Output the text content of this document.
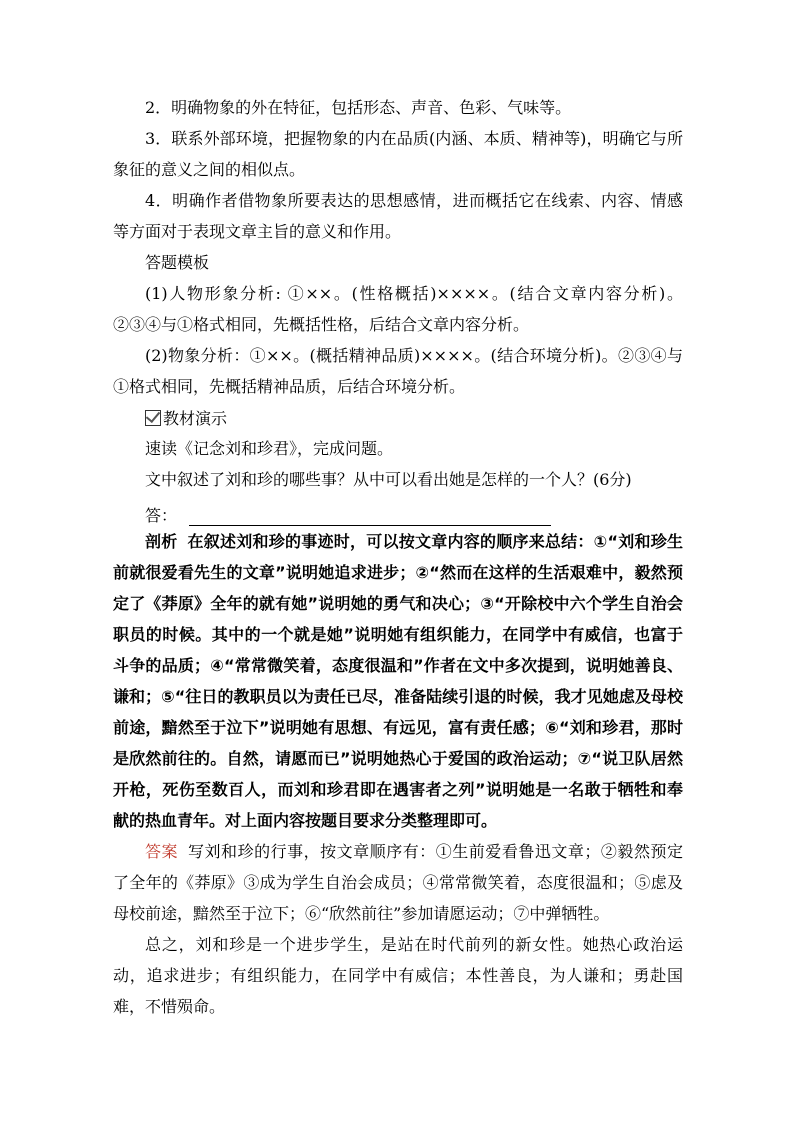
2．明确物象的外在特征，包括形态、声音、色彩、气味等。

3．联系外部环境，把握物象的内在品质(内涵、本质、精神等)，明确它与所象征的意义之间的相似点。

4．明确作者借物象所要表达的思想感情，进而概括它在线索、内容、情感等方面对于表现文章主旨的意义和作用。

答题模板

(1)人物形象分析: ①××。(性格概括)××××。(结合文章内容分析)。②③④与①格式相同，先概括性格，后结合文章内容分析。

(2)物象分析：①××。(概括精神品质)××××。(结合环境分析)。②③④与①格式相同，先概括精神品质，后结合环境分析。

教材演示

速读《记念刘和珍君》，完成问题。

文中叙述了刘和珍的哪些事？从中可以看出她是怎样的一个人？(6分)

答：

剖析 在叙述刘和珍的事迹时，可以按文章内容的顺序来总结：①“刘和珍生前就很爱看先生的文章”说明她追求进步；②“然而在这样的生活艰难中，毅然预定了《莽原》全年的就有她”说明她的勇气和决心；③“开除校中六个学生自治会职员的时候。其中的一个就是她”说明她有组织能力，在同学中有威信，也富于斗争的品质；④“常常微笑着，态度很温和”作者在文中多次提到，说明她善良、谦和；⑤“往日的教职员以为责任已尽，准备陆续引退的时候，我才见她虑及母校前途，黯然至于泣下”说明她有思想、有远见，富有责任感；⑥“刘和珍君，那时是欣然前往的。自然，请愿而已”说明她热心于爱国的政治运动；⑦“说卫队居然开枪，死伤至数百人，而刘和珍君即在遇害者之列”说明她是一名敢于牺牲和奉献的热血青年。对上面内容按题目要求分类整理即可。

答案 写刘和珍的行事，按文章顺序有：①生前爱看鲁迅文章；②毅然预定了全年的《莽原》③成为学生自治会成员；④常常微笑着，态度很温和；⑤虑及母校前途，黯然至于泣下；⑥“欣然前往”参加请愿运动；⑦中弹牺牲。

总之，刘和珍是一个进步学生，是站在时代前列的新女性。她热心政治运动，追求进步；有组织能力，在同学中有威信；本性善良，为人谦和；勇赴国难，不惜殒命。
